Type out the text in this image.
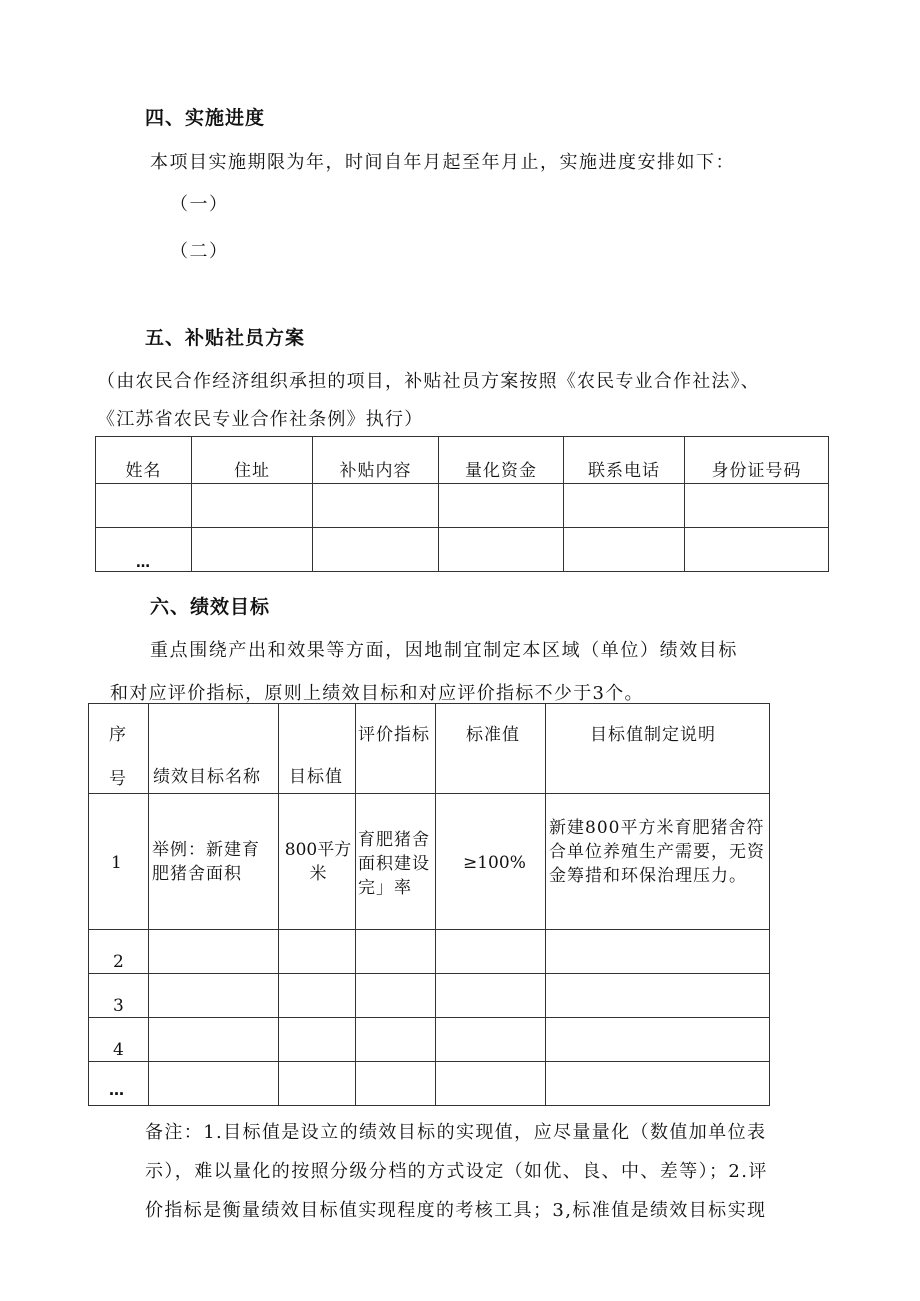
四、实施进度
本项目实施期限为年，时间自年月起至年月止，实施进度安排如下：
（一）
（二）
五、补贴社员方案
（由农民合作经济组织承担的项目，补贴社员方案按照《农民专业合作社法》、
《江苏省农民专业合作社条例》执行）
姓名	住址	补贴内容	量化资金	联系电话	身份证号码

…					
六、绩效目标
重点围绕产出和效果等方面，因地制宜制定本区域（单位）绩效目标
和对应评价指标，原则上绩效目标和对应评价指标不少于3个。
序
号	绩效目标名称	目标值	评价指标	标准值	目标值制定说明

1	举例：新建育肥猪舍面积	800平方米	育肥猪舍面积建设完」率	≥100%	新建800平方米育肥猪舍符合单位养殖生产需要，无资金筹措和环保治理压力。

2					

3					

4					

…					

备注：1.目标值是设立的绩效目标的实现值，应尽量量化（数值加单位表
示），难以量化的按照分级分档的方式设定（如优、良、中、差等）；2.评
价指标是衡量绩效目标值实现程度的考核工具；3,标准值是绩效目标实现
